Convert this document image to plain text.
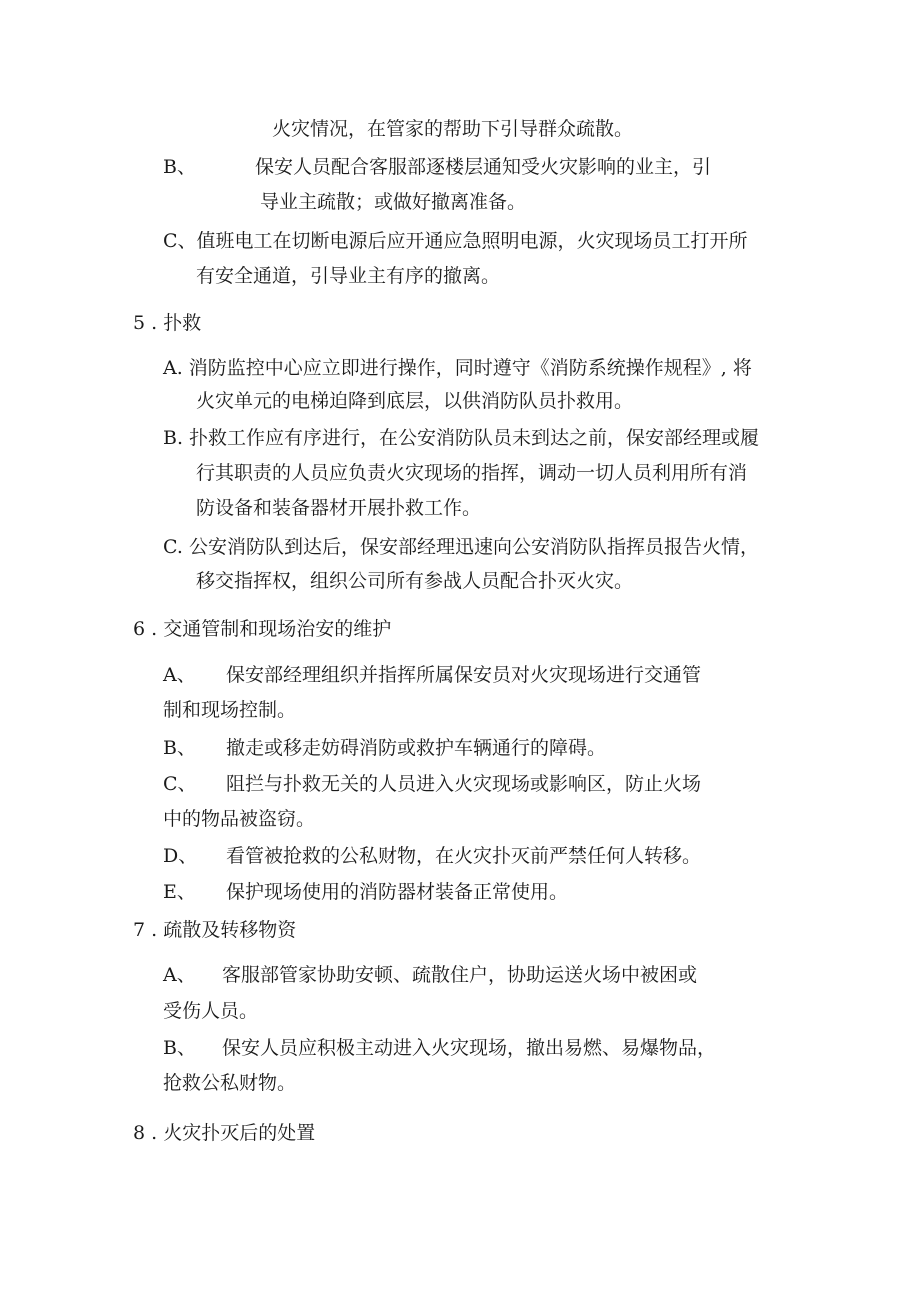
火灾情况，在管家的帮助下引导群众疏散。
B、	保安人员配合客服部逐楼层通知受火灾影响的业主，引
导业主疏散；或做好撤离准备。
C、值班电工在切断电源后应开通应急照明电源，火灾现场员工打开所
有安全通道，引导业主有序的撤离。
5 . 扑救
A. 消防监控中心应立即进行操作，同时遵守《消防系统操作规程》, 将
火灾单元的电梯迫降到底层，以供消防队员扑救用。
B. 扑救工作应有序进行，在公安消防队员未到达之前，保安部经理或履
行其职责的人员应负责火灾现场的指挥，调动一切人员利用所有消
防设备和装备器材开展扑救工作。
C. 公安消防队到达后，保安部经理迅速向公安消防队指挥员报告火情，
移交指挥权，组织公司所有参战人员配合扑灭火灾。
6 . 交通管制和现场治安的维护
A、 保安部经理组织并指挥所属保安员对火灾现场进行交通管
制和现场控制。
B、 撤走或移走妨碍消防或救护车辆通行的障碍。
C、 阻拦与扑救无关的人员进入火灾现场或影响区，防止火场
中的物品被盗窃。
D、 看管被抢救的公私财物，在火灾扑灭前严禁任何人转移。
E、 保护现场使用的消防器材装备正常使用。
7 . 疏散及转移物资
A、 客服部管家协助安顿、疏散住户，协助运送火场中被困或
受伤人员。
B、 保安人员应积极主动进入火灾现场，撤出易燃、易爆物品，
抢救公私财物。
8 . 火灾扑灭后的处置
